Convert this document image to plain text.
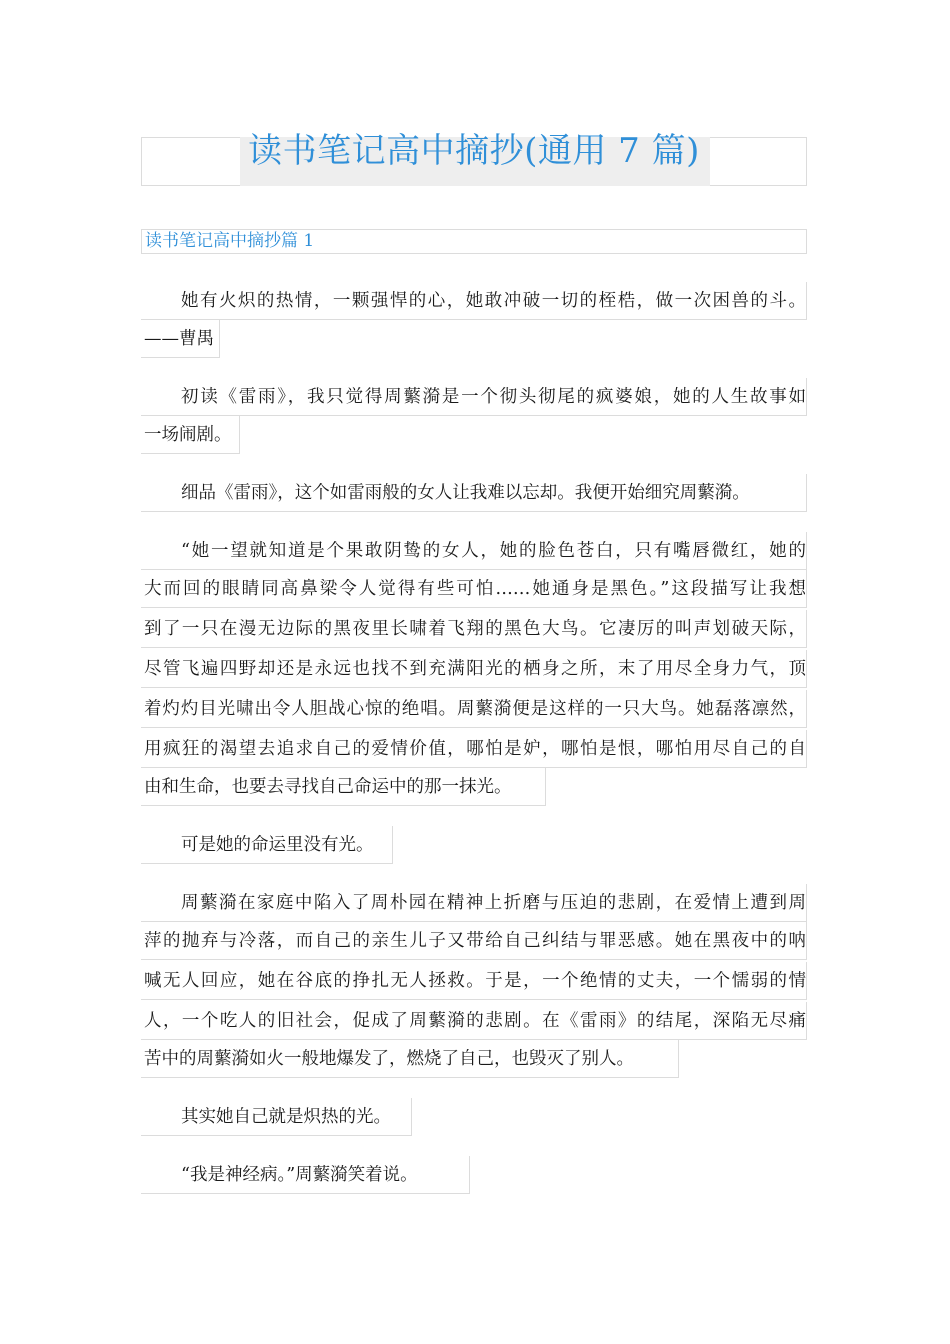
读书笔记高中摘抄(通用 7 篇)
读书笔记高中摘抄篇 1
她有火炽的热情，一颗强悍的心，她敢冲破一切的桎梏，做一次困兽的斗。
——曹禺
初读《雷雨》，我只觉得周蘩漪是一个彻头彻尾的疯婆娘，她的人生故事如
一场闹剧。
细品《雷雨》，这个如雷雨般的女人让我难以忘却。我便开始细究周蘩漪。
“她一望就知道是个果敢阴鸷的女人，她的脸色苍白，只有嘴唇微红，她的
大而回的眼睛同高鼻梁令人觉得有些可怕……她通身是黑色。”这段描写让我想
到了一只在漫无边际的黑夜里长啸着飞翔的黑色大鸟。它凄厉的叫声划破天际，
尽管飞遍四野却还是永远也找不到充满阳光的栖身之所，末了用尽全身力气，顶
着灼灼目光啸出令人胆战心惊的绝唱。周蘩漪便是这样的一只大鸟。她磊落凛然，
用疯狂的渴望去追求自己的爱情价值，哪怕是妒，哪怕是恨，哪怕用尽自己的自
由和生命，也要去寻找自己命运中的那一抹光。
可是她的命运里没有光。
周蘩漪在家庭中陷入了周朴园在精神上折磨与压迫的悲剧，在爱情上遭到周
萍的抛弃与冷落，而自己的亲生儿子又带给自己纠结与罪恶感。她在黑夜中的呐
喊无人回应，她在谷底的挣扎无人拯救。于是，一个绝情的丈夫，一个懦弱的情
人，一个吃人的旧社会，促成了周蘩漪的悲剧。在《雷雨》的结尾，深陷无尽痛
苦中的周蘩漪如火一般地爆发了，燃烧了自己，也毁灭了别人。
其实她自己就是炽热的光。
“我是神经病。”周蘩漪笑着说。
